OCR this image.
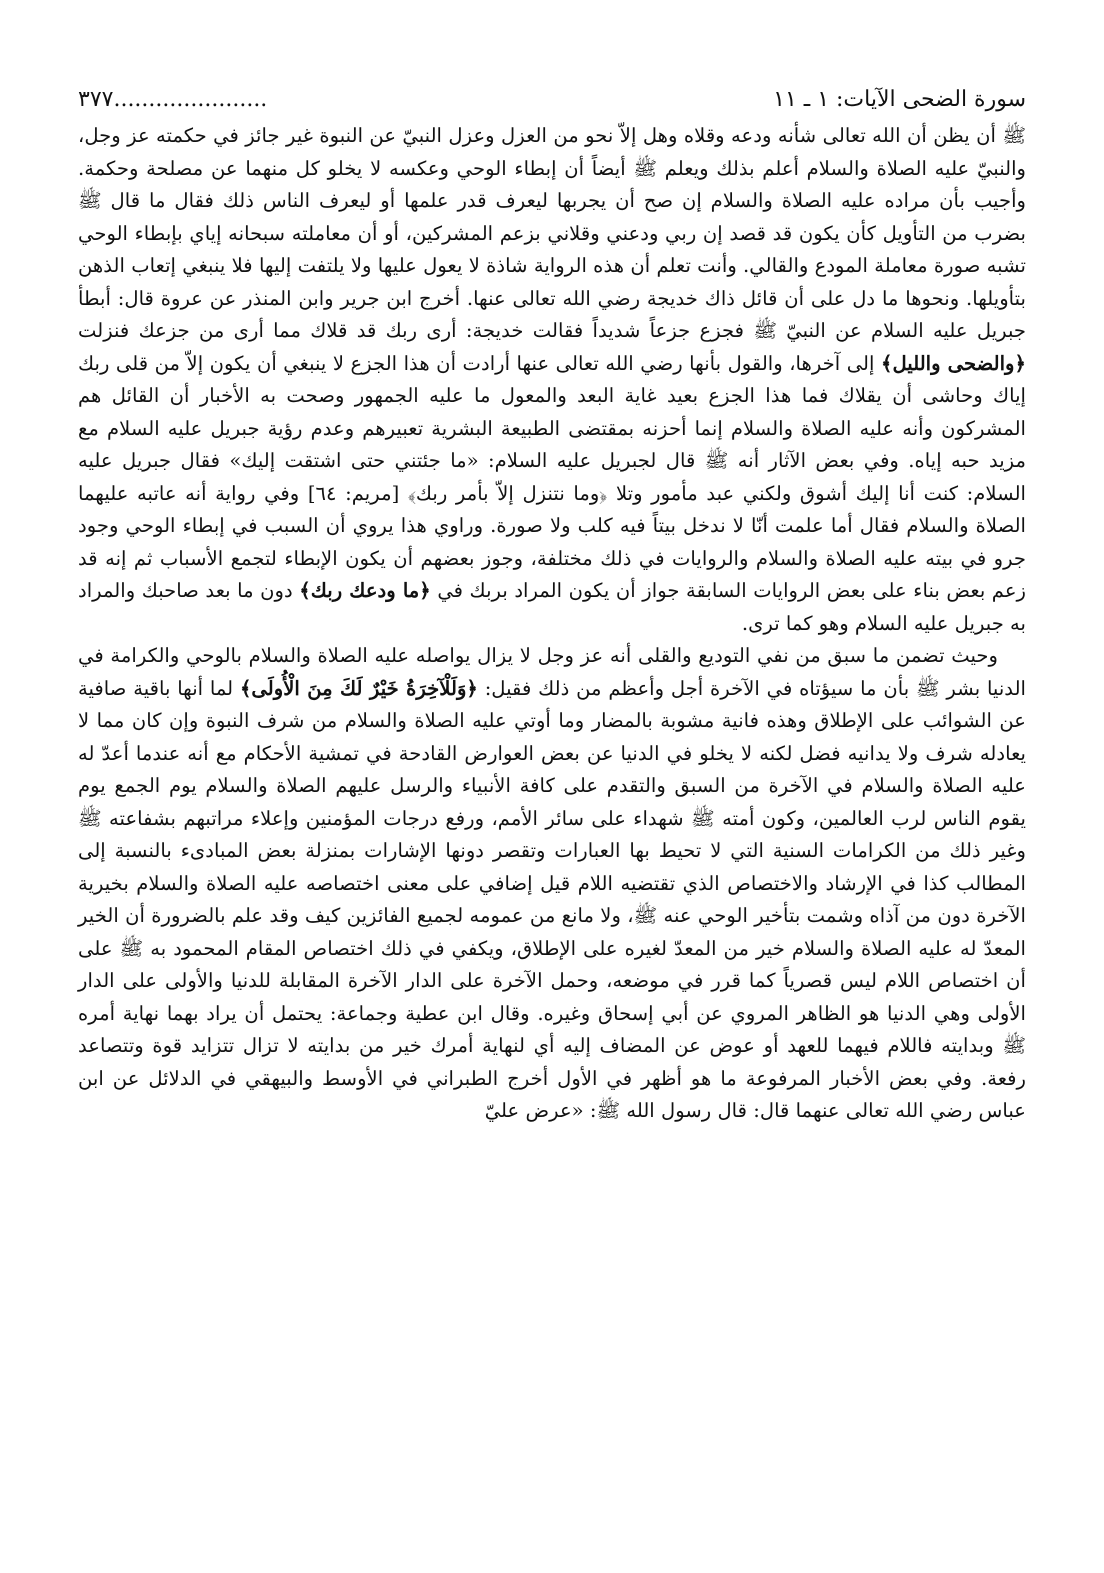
سورة الضحى الآيات: ١ ـ ١١
٣٧٧......................

ﷺ أن يظن أن الله تعالى شأنه ودعه وقلاه وهل إلاّ نحو من العزل وعزل النبيّ عن النبوة غير جائز في حكمته عز وجل، والنبيّ عليه الصلاة والسلام أعلم بذلك ويعلم ﷺ أيضاً أن إبطاء الوحي وعكسه لا يخلو كل منهما عن مصلحة وحكمة. وأجيب بأن مراده عليه الصلاة والسلام إن صح أن يجربها ليعرف قدر علمها أو ليعرف الناس ذلك فقال ما قال ﷺ بضرب من التأويل كأن يكون قد قصد إن ربي ودعني وقلاني بزعم المشركين، أو أن معاملته سبحانه إياي بإبطاء الوحي تشبه صورة معاملة المودع والقالي. وأنت تعلم أن هذه الرواية شاذة لا يعول عليها ولا يلتفت إليها فلا ينبغي إتعاب الذهن بتأويلها. ونحوها ما دل على أن قائل ذاك خديجة رضي الله تعالى عنها. أخرج ابن جرير وابن المنذر عن عروة قال: أبطأ جبريل عليه السلام عن النبيّ ﷺ فجزع جزعاً شديداً فقالت خديجة: أرى ربك قد قلاك مما أرى من جزعك فنزلت ﴿والضحى والليل﴾ إلى آخرها، والقول بأنها رضي الله تعالى عنها أرادت أن هذا الجزع لا ينبغي أن يكون إلاّ من قلى ربك إياك وحاشى أن يقلاك فما هذا الجزع بعيد غاية البعد والمعول ما عليه الجمهور وصحت به الأخبار أن القائل هم المشركون وأنه عليه الصلاة والسلام إنما أحزنه بمقتضى الطبيعة البشرية تعبيرهم وعدم رؤية جبريل عليه السلام مع مزيد حبه إياه. وفي بعض الآثار أنه ﷺ قال لجبريل عليه السلام: «ما جئتني حتى اشتقت إليك» فقال جبريل عليه السلام: كنت أنا إليك أشوق ولكني عبد مأمور وتلا ﴿وما نتنزل إلاّ بأمر ربك﴾ [مريم: ٦٤] وفي رواية أنه عاتبه عليهما الصلاة والسلام فقال أما علمت أنّا لا ندخل بيتاً فيه كلب ولا صورة. وراوي هذا يروي أن السبب في إبطاء الوحي وجود جرو في بيته عليه الصلاة والسلام والروايات في ذلك مختلفة، وجوز بعضهم أن يكون الإبطاء لتجمع الأسباب ثم إنه قد زعم بعض بناء على بعض الروايات السابقة جواز أن يكون المراد بربك في ﴿ما ودعك ربك﴾ دون ما بعد صاحبك والمراد به جبريل عليه السلام وهو كما ترى.

وحيث تضمن ما سبق من نفي التوديع والقلى أنه عز وجل لا يزال يواصله عليه الصلاة والسلام بالوحي والكرامة في الدنيا بشر ﷺ بأن ما سيؤتاه في الآخرة أجل وأعظم من ذلك فقيل: ﴿وَلَلْآخِرَةُ خَيْرٌ لَكَ مِنَ الْأُولَى﴾ لما أنها باقية صافية عن الشوائب على الإطلاق وهذه فانية مشوبة بالمضار وما أوتي عليه الصلاة والسلام من شرف النبوة وإن كان مما لا يعادله شرف ولا يدانيه فضل لكنه لا يخلو في الدنيا عن بعض العوارض القادحة في تمشية الأحكام مع أنه عندما أعدّ له عليه الصلاة والسلام في الآخرة من السبق والتقدم على كافة الأنبياء والرسل عليهم الصلاة والسلام يوم الجمع يوم يقوم الناس لرب العالمين، وكون أمته ﷺ شهداء على سائر الأمم، ورفع درجات المؤمنين وإعلاء مراتبهم بشفاعته ﷺ وغير ذلك من الكرامات السنية التي لا تحيط بها العبارات وتقصر دونها الإشارات بمنزلة بعض المبادىء بالنسبة إلى المطالب كذا في الإرشاد والاختصاص الذي تقتضيه اللام قيل إضافي على معنى اختصاصه عليه الصلاة والسلام بخيرية الآخرة دون من آذاه وشمت بتأخير الوحي عنه ﷺ، ولا مانع من عمومه لجميع الفائزين كيف وقد علم بالضرورة أن الخير المعدّ له عليه الصلاة والسلام خير من المعدّ لغيره على الإطلاق، ويكفي في ذلك اختصاص المقام المحمود به ﷺ على أن اختصاص اللام ليس قصرياً كما قرر في موضعه، وحمل الآخرة على الدار الآخرة المقابلة للدنيا والأولى على الدار الأولى وهي الدنيا هو الظاهر المروي عن أبي إسحاق وغيره. وقال ابن عطية وجماعة: يحتمل أن يراد بهما نهاية أمره ﷺ وبدايته فاللام فيهما للعهد أو عوض عن المضاف إليه أي لنهاية أمرك خير من بدايته لا تزال تتزايد قوة وتتصاعد رفعة. وفي بعض الأخبار المرفوعة ما هو أظهر في الأول أخرج الطبراني في الأوسط والبيهقي في الدلائل عن ابن عباس رضي الله تعالى عنهما قال: قال رسول الله ﷺ: «عرض عليّ
